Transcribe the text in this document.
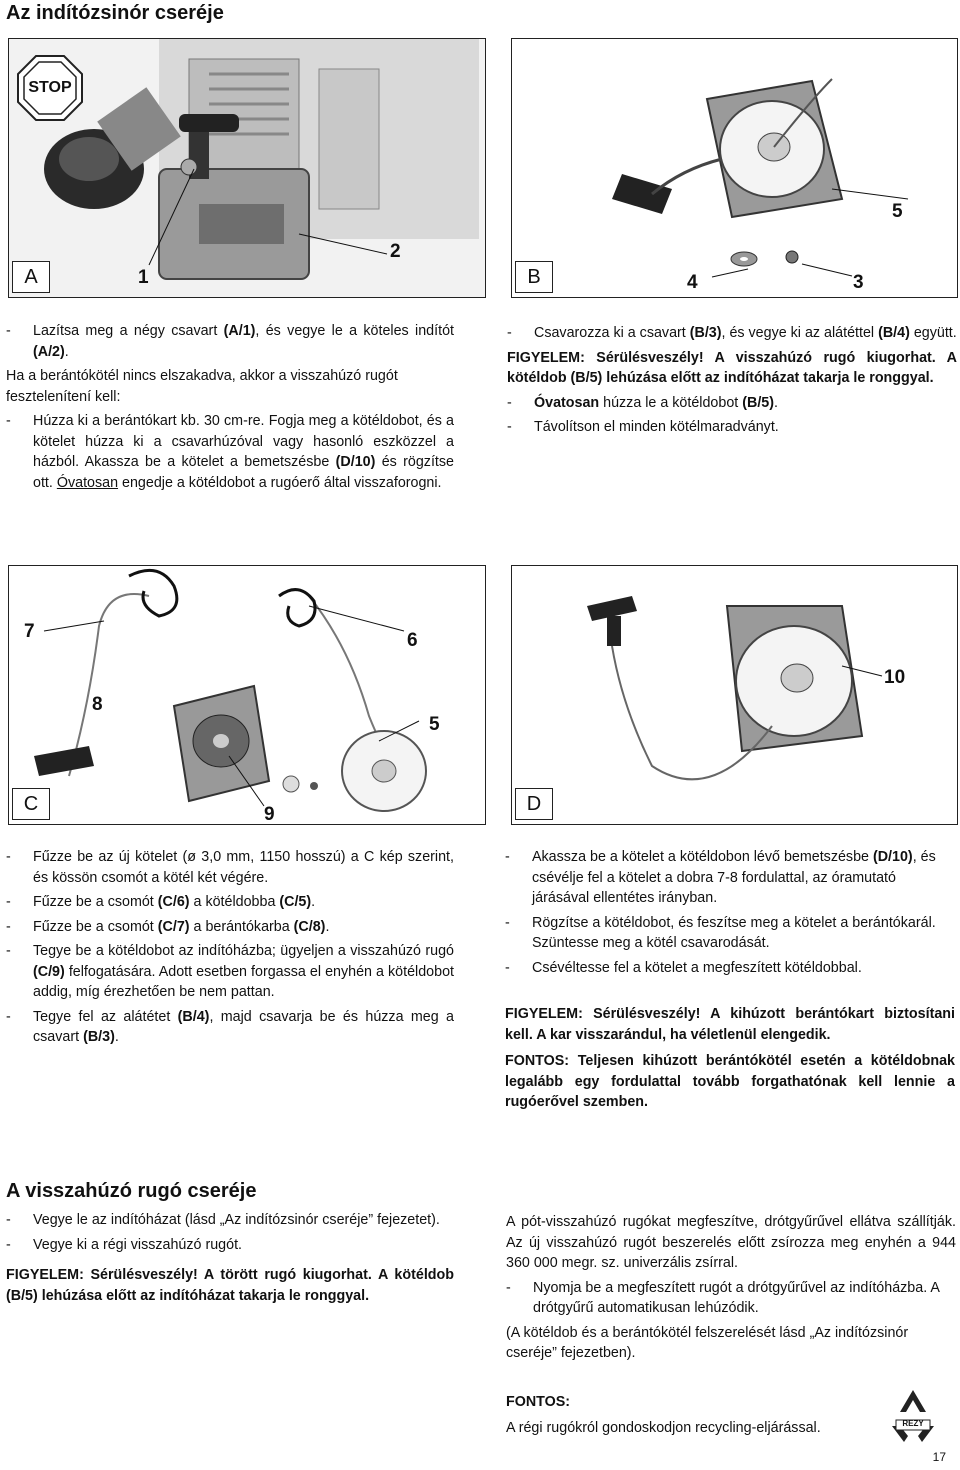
Az indítózsinór cseréje
STOP
A	1
2
B	3
4
5

- Lazítsa meg a négy csavart (A/1), és vegye le a köteles indítót (A/2).

Ha a berántókötél nincs elszakadva, akkor a visszahúzó rugót fesztelenítení kell:

- Húzza ki a berántókart kb. 30 cm-re. Fogja meg a kötéldobot, és a kötelet húzza ki a csavarhúzóval vagy hasonló eszközzel a házból. Akassza be a kötelet a bemetszésbe (D/10) és rögzítse ott. Óvatosan engedje a kötéldobot a rugóerő által visszaforogni.

- Csavarozza ki a csavart (B/3), és vegye ki az alátéttel (B/4) együtt.

FIGYELEM: Sérülésveszély! A visszahúzó rugó kiugorhat. A kötéldob (B/5) lehúzása előtt az indítóházat takarja le ronggyal.

- Óvatosan húzza le a kötéldobot (B/5).

- Távolítson el minden kötélmaradványt.

C
5
6
7
8
9	D
10

- Fűzze be az új kötelet (ø 3,0 mm, 1150 hosszú) a C kép szerint, és kössön csomót a kötél két végére.

- Fűzze be a csomót (C/6) a kötéldobba (C/5).

- Fűzze be a csomót (C/7) a berántókarba (C/8).

- Tegye be a kötéldobot az indítóházba; ügyeljen a visszahúzó rugó (C/9) felfogatására. Adott esetben forgassa el enyhén a kötéldobot addig, míg érezhetően be nem pattan.

- Tegye fel az alátétet (B/4), majd csavarja be és húzza meg a csavart (B/3).

- Akassza be a kötelet a kötéldobon lévő bemetszésbe (D/10), és csévélje fel a kötelet a dobra 7-8 fordulattal, az óramutató járásával ellentétes irányban.

- Rögzítse a kötéldobot, és feszítse meg a kötelet a berántókarál. Szüntesse meg a kötél csavarodását.

- Csévéltesse fel a kötelet a megfeszített kötéldobbal.

FIGYELEM: Sérülésveszély! A kihúzott berántókart biztosítani kell. A kar visszarándul, ha véletlenül elengedik.

FONTOS: Teljesen kihúzott berántókötél esetén a kötéldobnak legalább egy fordulattal tovább forgathatónak kell lennie a rugóerővel szemben.

A visszahúzó rugó cseréje

- Vegye le az indítóházat (lásd „Az indítózsinór cseréje” fejezetet).

- Vegye ki a régi visszahúzó rugót.

FIGYELEM: Sérülésveszély! A törött rugó kiugorhat. A kötéldob (B/5) lehúzása előtt az indítóházat takarja le ronggyal.

A pót-visszahúzó rugókat megfeszítve, drótgyűrűvel ellátva szállítják. Az új visszahúzó rugót beszerelés előtt zsírozza meg enyhén a 944 360 000 megr. sz. univerzális zsírral.

- Nyomja be a megfeszített rugót a drótgyűrűvel az indítóházba. A drótgyűrű automatikusan lehúzódik.

(A kötéldob és a berántókötél felszerelését lásd „Az indítózsinór cseréje” fejezetben).

FONTOS:

A régi rugókról gondoskodjon recycling-eljárással.	REZY
17
